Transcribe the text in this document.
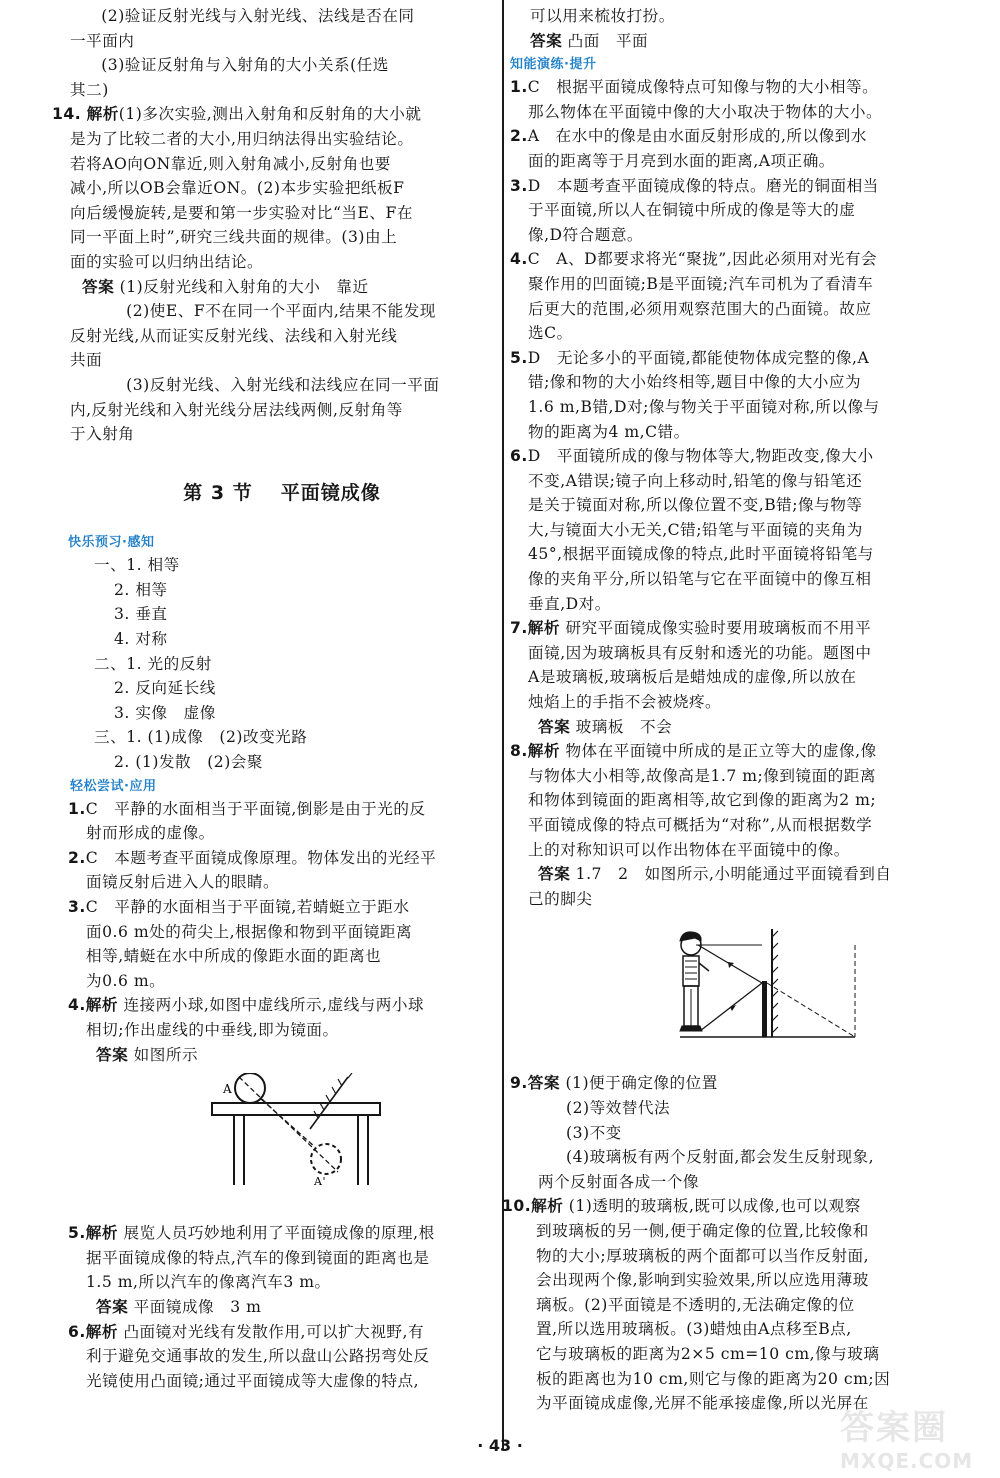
(2)验证反射光线与入射光线、法线是否在同

一平面内

(3)验证反射角与入射角的大小关系(任选

其二)

14. 解析(1)多次实验,测出入射角和反射角的大小就

是为了比较二者的大小,用归纳法得出实验结论。

若将AO向ON靠近,则入射角减小,反射角也要

减小,所以OB会靠近ON。(2)本步实验把纸板F

向后缓慢旋转,是要和第一步实验对比“当E、F在

同一平面上时”,研究三线共面的规律。(3)由上

面的实验可以归纳出结论。

答案 (1)反射光线和入射角的大小　靠近

(2)使E、F不在同一个平面内,结果不能发现

反射光线,从而证实反射光线、法线和入射光线

共面

(3)反射光线、入射光线和法线应在同一平面

内,反射光线和入射光线分居法线两侧,反射角等

于入射角

第 3 节 平面镜成像
快乐预习·感知

一、1. 相等

2. 相等

3. 垂直

4. 对称

二、1. 光的反射

2. 反向延长线

3. 实像　虚像

三、1. (1)成像　(2)改变光路

2. (1)发散　(2)会聚

轻松尝试·应用

1.C　平静的水面相当于平面镜,倒影是由于光的反

射而形成的虚像。

2.C　本题考查平面镜成像原理。物体发出的光经平

面镜反射后进入人的眼睛。

3.C　平静的水面相当于平面镜,若蜻蜓立于距水

面0.6 m处的荷尖上,根据像和物到平面镜距离

相等,蜻蜓在水中所成的像距水面的距离也

为0.6 m。

4.解析 连接两小球,如图中虚线所示,虚线与两小球

相切;作出虚线的中垂线,即为镜面。

答案 如图所示

A
A'

5.解析 展览人员巧妙地利用了平面镜成像的原理,根

据平面镜成像的特点,汽车的像到镜面的距离也是

1.5 m,所以汽车的像离汽车3 m。

答案 平面镜成像　3 m

6.解析 凸面镜对光线有发散作用,可以扩大视野,有

利于避免交通事故的发生,所以盘山公路拐弯处反

光镜使用凸面镜;通过平面镜成等大虚像的特点,

可以用来梳妆打扮。

答案 凸面　平面

知能演练·提升

1.C　根据平面镜成像特点可知像与物的大小相等。

那么物体在平面镜中像的大小取决于物体的大小。

2.A　在水中的像是由水面反射形成的,所以像到水

面的距离等于月亮到水面的距离,A项正确。

3.D　本题考查平面镜成像的特点。磨光的铜面相当

于平面镜,所以人在铜镜中所成的像是等大的虚

像,D符合题意。

4.C　A、D都要求将光“聚拢”,因此必须用对光有会

聚作用的凹面镜;B是平面镜;汽车司机为了看清车

后更大的范围,必须用观察范围大的凸面镜。故应

选C。

5.D　无论多小的平面镜,都能使物体成完整的像,A

错;像和物的大小始终相等,题目中像的大小应为

1.6 m,B错,D对;像与物关于平面镜对称,所以像与

物的距离为4 m,C错。

6.D　平面镜所成的像与物体等大,物距改变,像大小

不变,A错误;镜子向上移动时,铅笔的像与铅笔还

是关于镜面对称,所以像位置不变,B错;像与物等

大,与镜面大小无关,C错;铅笔与平面镜的夹角为

45°,根据平面镜成像的特点,此时平面镜将铅笔与

像的夹角平分,所以铅笔与它在平面镜中的像互相

垂直,D对。

7.解析 研究平面镜成像实验时要用玻璃板而不用平

面镜,因为玻璃板具有反射和透光的功能。题图中

A是玻璃板,玻璃板后是蜡烛成的虚像,所以放在

烛焰上的手指不会被烧疼。

答案 玻璃板　不会

8.解析 物体在平面镜中所成的是正立等大的虚像,像

与物体大小相等,故像高是1.7 m;像到镜面的距离

和物体到镜面的距离相等,故它到像的距离为2 m;

平面镜成像的特点可概括为“对称”,从而根据数学

上的对称知识可以作出物体在平面镜中的像。

答案 1.7　2　如图所示,小明能通过平面镜看到自

己的脚尖

9.答案 (1)便于确定像的位置

(2)等效替代法

(3)不变

(4)玻璃板有两个反射面,都会发生反射现象,

两个反射面各成一个像

10.解析 (1)透明的玻璃板,既可以成像,也可以观察

到玻璃板的另一侧,便于确定像的位置,比较像和

物的大小;厚玻璃板的两个面都可以当作反射面,

会出现两个像,影响到实验效果,所以应选用薄玻

璃板。(2)平面镜是不透明的,无法确定像的位

置,所以选用玻璃板。(3)蜡烛由A点移至B点,

它与玻璃板的距离为2×5 cm=10 cm,像与玻璃

板的距离也为10 cm,则它与像的距离为20 cm;因

为平面镜成虚像,光屏不能承接虚像,所以光屏在

· 43 ·	答案圈
MXQE.COM
